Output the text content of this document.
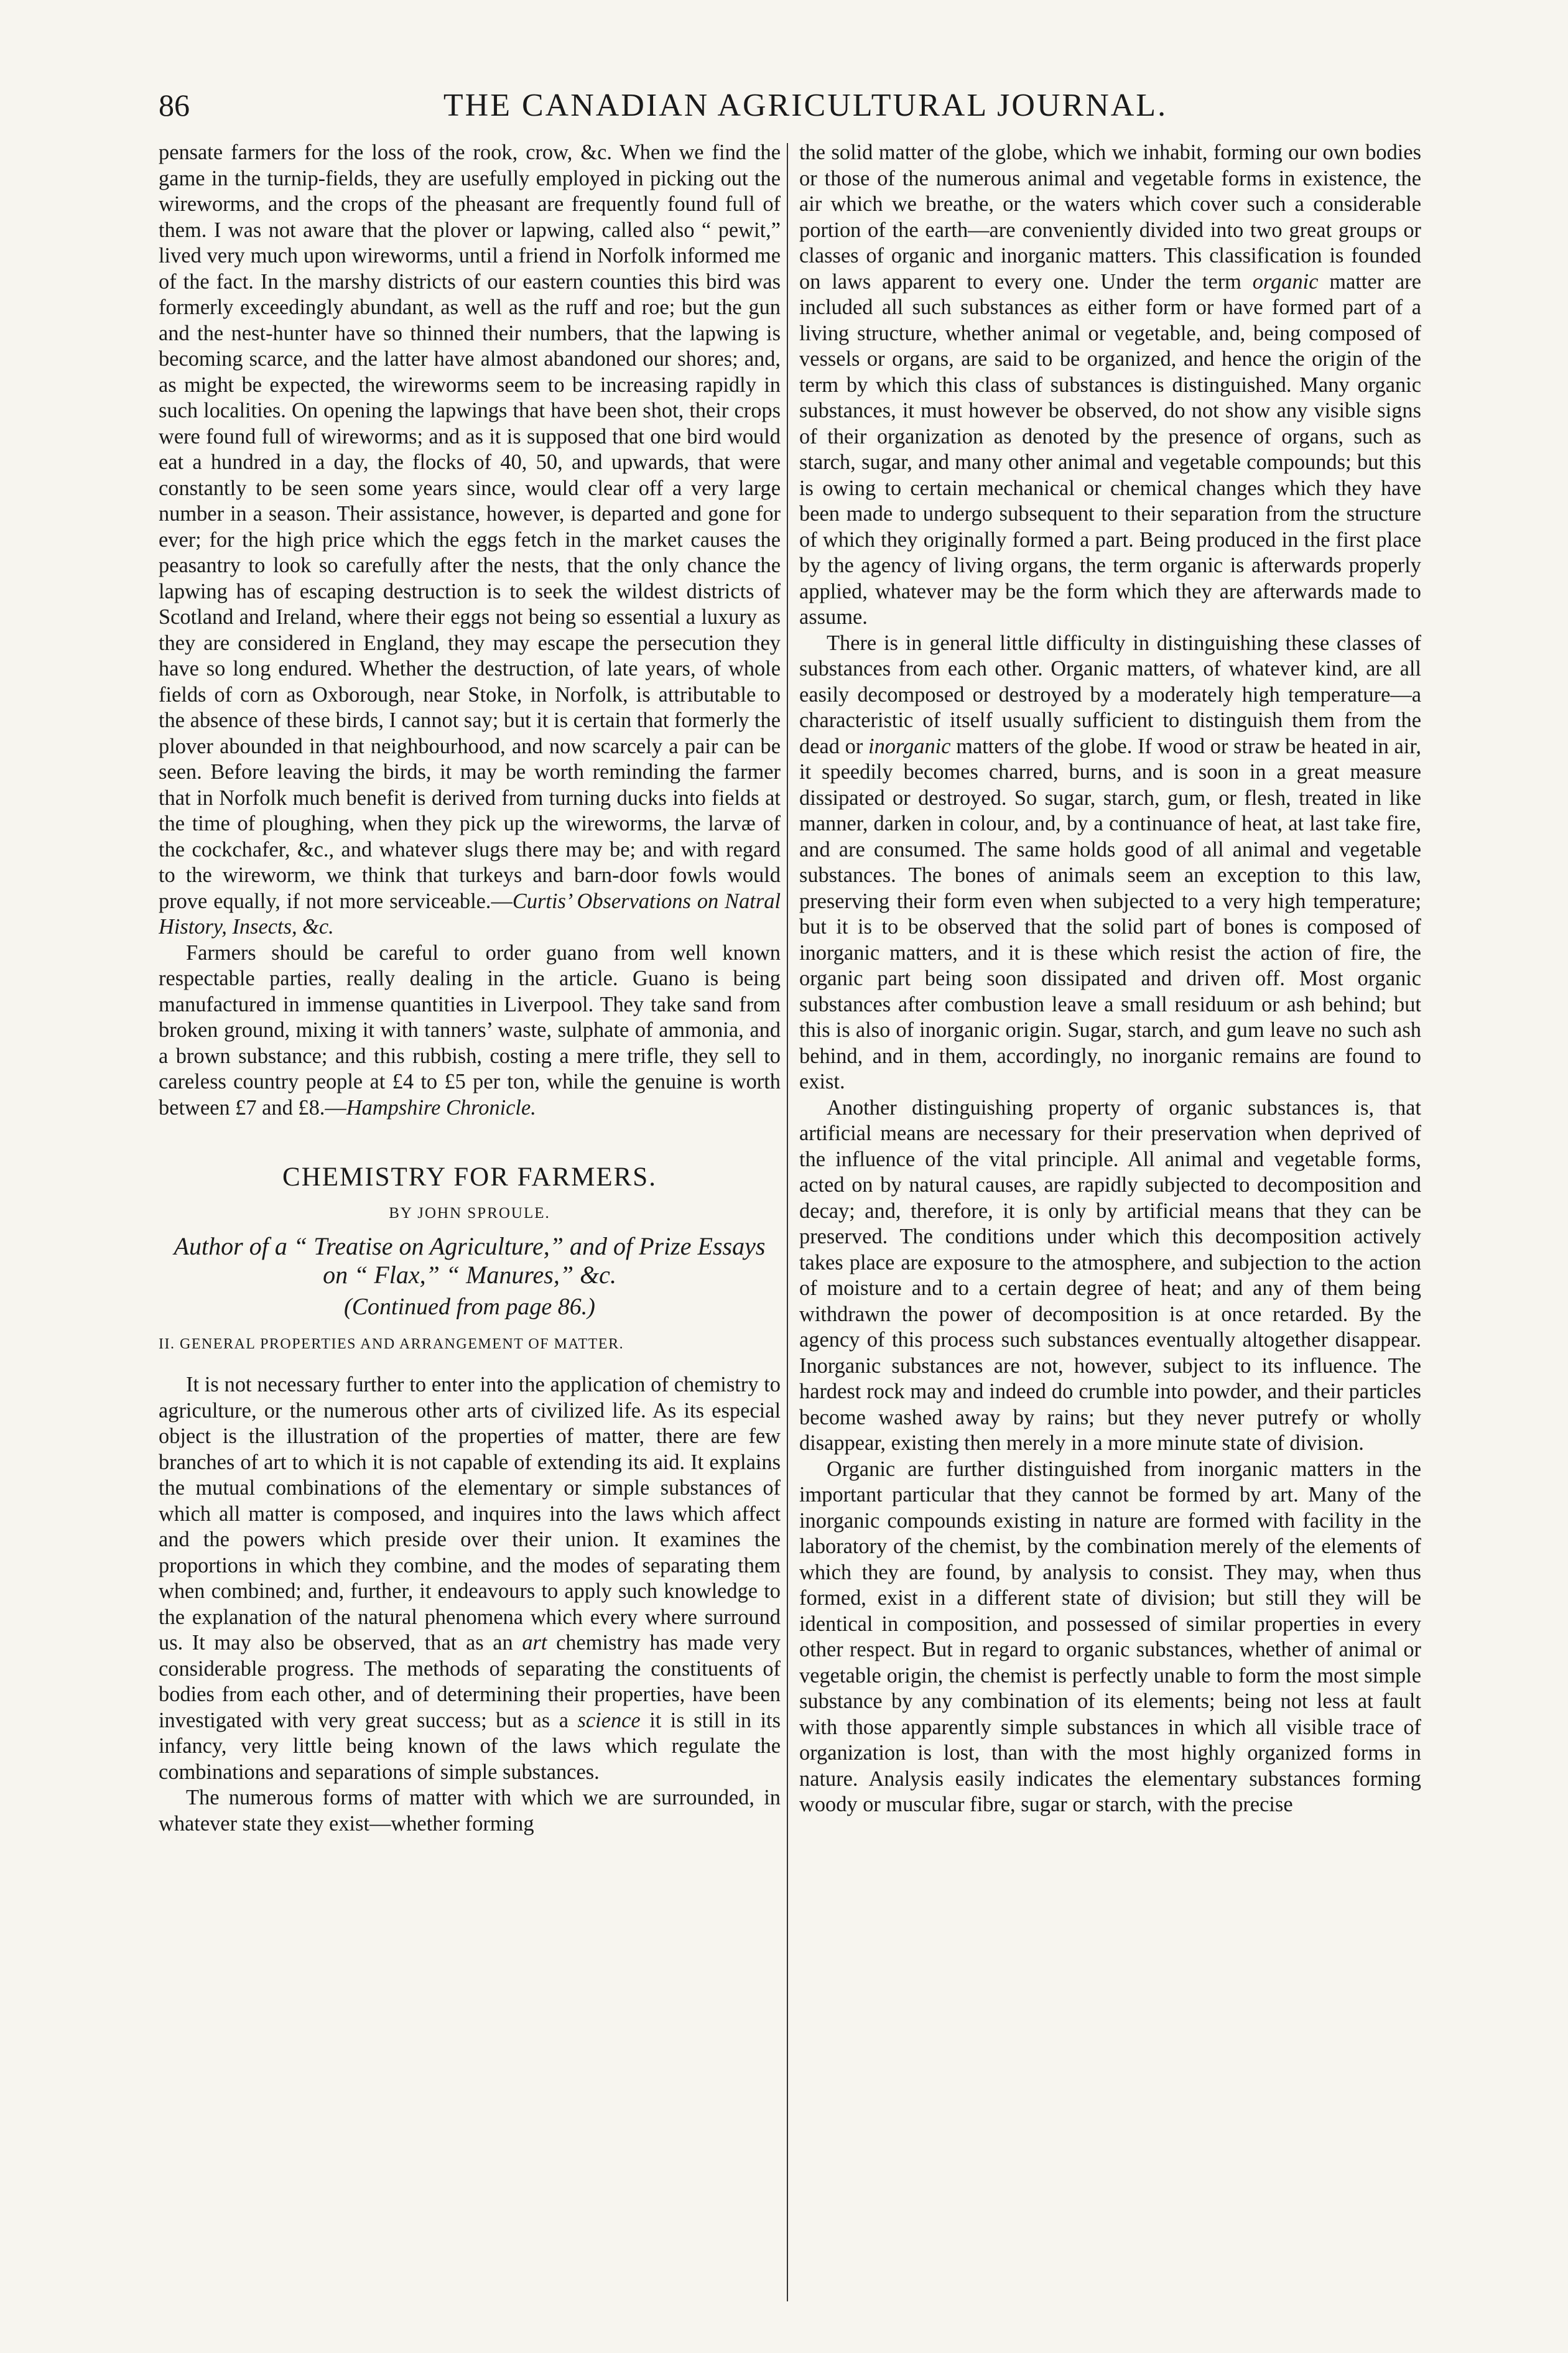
86	THE CANADIAN AGRICULTURAL JOURNAL.

pensate farmers for the loss of the rook, crow, &c. When we find the game in the turnip-fields, they are usefully employed in picking out the wireworms, and the crops of the pheasant are frequently found full of them. I was not aware that the plover or lapwing, called also “ pewit,” lived very much upon wireworms, until a friend in Norfolk informed me of the fact. In the marshy districts of our eastern counties this bird was formerly exceedingly abundant, as well as the ruff and roe; but the gun and the nest-hunter have so thinned their numbers, that the lapwing is becoming scarce, and the latter have almost abandoned our shores; and, as might be expected, the wireworms seem to be increasing rapidly in such localities. On opening the lapwings that have been shot, their crops were found full of wireworms; and as it is supposed that one bird would eat a hundred in a day, the flocks of 40, 50, and upwards, that were constantly to be seen some years since, would clear off a very large number in a season. Their assistance, however, is departed and gone for ever; for the high price which the eggs fetch in the market causes the peasantry to look so carefully after the nests, that the only chance the lapwing has of escaping destruction is to seek the wildest districts of Scotland and Ireland, where their eggs not being so essential a luxury as they are considered in England, they may escape the persecution they have so long endured. Whether the destruction, of late years, of whole fields of corn as Oxborough, near Stoke, in Norfolk, is attributable to the absence of these birds, I cannot say; but it is certain that formerly the plover abounded in that neighbourhood, and now scarcely a pair can be seen. Before leaving the birds, it may be worth reminding the farmer that in Norfolk much benefit is derived from turning ducks into fields at the time of ploughing, when they pick up the wireworms, the larvæ of the cockchafer, &c., and whatever slugs there may be; and with regard to the wireworm, we think that turkeys and barn-door fowls would prove equally, if not more serviceable.—Curtis’ Observations on Natral History, Insects, &c.

Farmers should be careful to order guano from well known respectable parties, really dealing in the article. Guano is being manufactured in immense quantities in Liverpool. They take sand from broken ground, mixing it with tanners’ waste, sulphate of ammonia, and a brown substance; and this rubbish, costing a mere trifle, they sell to careless country people at £4 to £5 per ton, while the genuine is worth between £7 and £8.—Hampshire Chronicle.

CHEMISTRY FOR FARMERS.
BY JOHN SPROULE.
Author of a “ Treatise on Agriculture,” and of Prize Essays on “ Flax,” “ Manures,” &c.
(Continued from page 86.)
II. GENERAL PROPERTIES AND ARRANGEMENT OF MATTER.

It is not necessary further to enter into the application of chemistry to agriculture, or the numerous other arts of civilized life. As its especial object is the illustration of the properties of matter, there are few branches of art to which it is not capable of extending its aid. It explains the mutual combinations of the elementary or simple substances of which all matter is composed, and inquires into the laws which affect and the powers which preside over their union. It examines the proportions in which they combine, and the modes of separating them when combined; and, further, it endeavours to apply such knowledge to the explanation of the natural phenomena which every where surround us. It may also be observed, that as an art chemistry has made very considerable progress. The methods of separating the constituents of bodies from each other, and of determining their properties, have been investigated with very great success; but as a science it is still in its infancy, very little being known of the laws which regulate the combinations and separations of simple substances.

The numerous forms of matter with which we are surrounded, in whatever state they exist—whether forming

the solid matter of the globe, which we inhabit, forming our own bodies or those of the numerous animal and vegetable forms in existence, the air which we breathe, or the waters which cover such a considerable portion of the earth—are conveniently divided into two great groups or classes of organic and inorganic matters. This classification is founded on laws apparent to every one. Under the term organic matter are included all such substances as either form or have formed part of a living structure, whether animal or vegetable, and, being composed of vessels or organs, are said to be organized, and hence the origin of the term by which this class of substances is distinguished. Many organic substances, it must however be observed, do not show any visible signs of their organization as denoted by the presence of organs, such as starch, sugar, and many other animal and vegetable compounds; but this is owing to certain mechanical or chemical changes which they have been made to undergo subsequent to their separation from the structure of which they originally formed a part. Being produced in the first place by the agency of living organs, the term organic is afterwards properly applied, whatever may be the form which they are afterwards made to assume.

There is in general little difficulty in distinguishing these classes of substances from each other. Organic matters, of whatever kind, are all easily decomposed or destroyed by a moderately high temperature—a characteristic of itself usually sufficient to distinguish them from the dead or inorganic matters of the globe. If wood or straw be heated in air, it speedily becomes charred, burns, and is soon in a great measure dissipated or destroyed. So sugar, starch, gum, or flesh, treated in like manner, darken in colour, and, by a continuance of heat, at last take fire, and are consumed. The same holds good of all animal and vegetable substances. The bones of animals seem an exception to this law, preserving their form even when subjected to a very high temperature; but it is to be observed that the solid part of bones is composed of inorganic matters, and it is these which resist the action of fire, the organic part being soon dissipated and driven off. Most organic substances after combustion leave a small residuum or ash behind; but this is also of inorganic origin. Sugar, starch, and gum leave no such ash behind, and in them, accordingly, no inorganic remains are found to exist.

Another distinguishing property of organic substances is, that artificial means are necessary for their preservation when deprived of the influence of the vital principle. All animal and vegetable forms, acted on by natural causes, are rapidly subjected to decomposition and decay; and, therefore, it is only by artificial means that they can be preserved. The conditions under which this decomposition actively takes place are exposure to the atmosphere, and subjection to the action of moisture and to a certain degree of heat; and any of them being withdrawn the power of decomposition is at once retarded. By the agency of this process such substances eventually altogether disappear. Inorganic substances are not, however, subject to its influence. The hardest rock may and indeed do crumble into powder, and their particles become washed away by rains; but they never putrefy or wholly disappear, existing then merely in a more minute state of division.

Organic are further distinguished from inorganic matters in the important particular that they cannot be formed by art. Many of the inorganic compounds existing in nature are formed with facility in the laboratory of the chemist, by the combination merely of the elements of which they are found, by analysis to consist. They may, when thus formed, exist in a different state of division; but still they will be identical in composition, and possessed of similar properties in every other respect. But in regard to organic substances, whether of animal or vegetable origin, the chemist is perfectly unable to form the most simple substance by any combination of its elements; being not less at fault with those apparently simple substances in which all visible trace of organization is lost, than with the most highly organized forms in nature. Analysis easily indicates the elementary substances forming woody or muscular fibre, sugar or starch, with the precise
